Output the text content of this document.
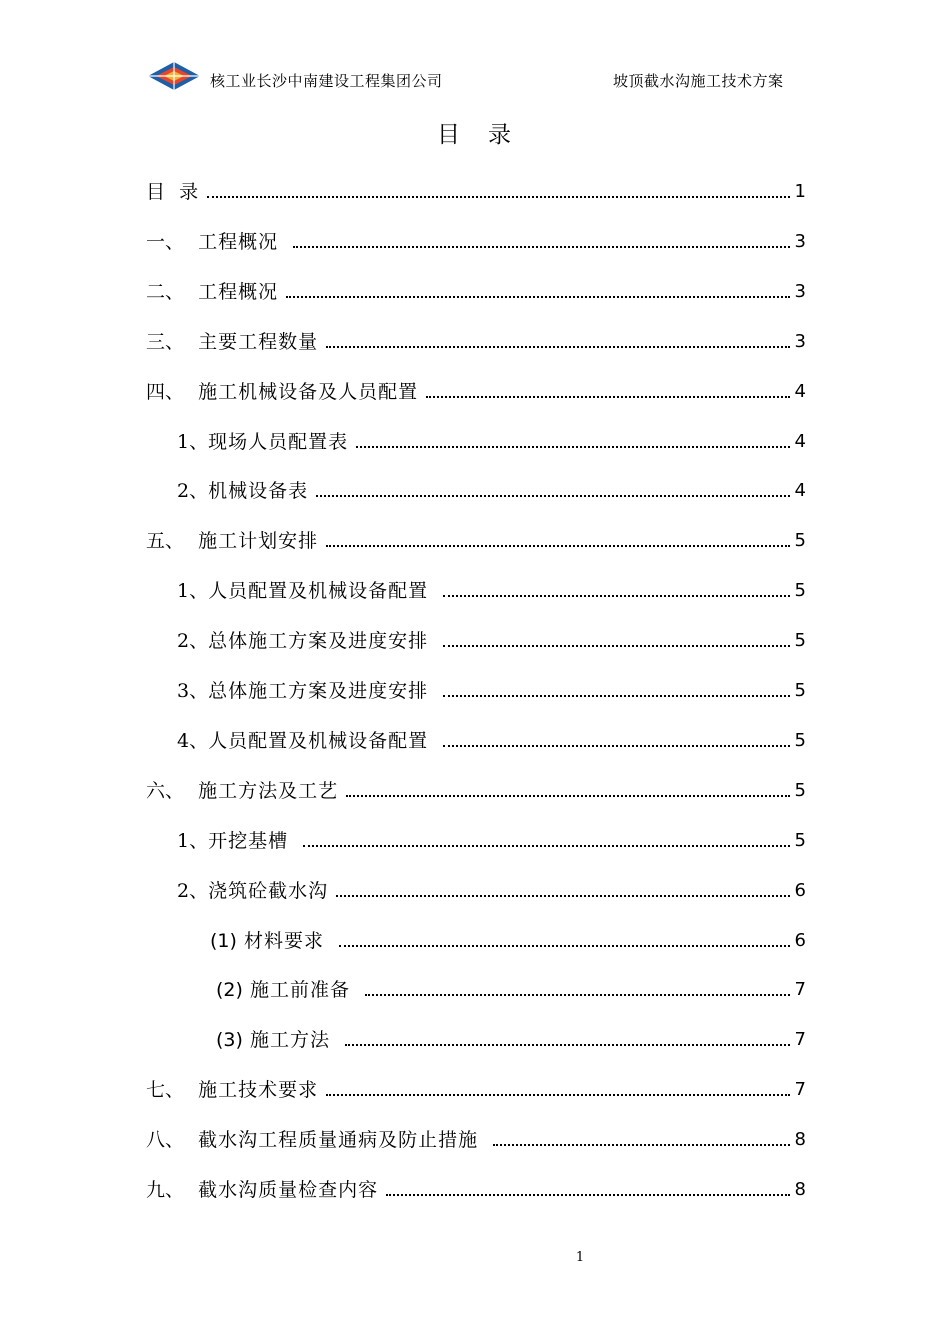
核工业长沙中南建设工程集团公司	坡顶截水沟施工技术方案
目 录
目 录	1
一、 工程概况	3
二、 工程概况	3
三、 主要工程数量	3
四、 施工机械设备及人员配置	4
1、 现场人员配置表	4
2、 机械设备表	4
五、 施工计划安排	5
1、 人员配置及机械设备配置	5
2、 总体施工方案及进度安排	5
3、 总体施工方案及进度安排	5
4、 人员配置及机械设备配置	5
六、 施工方法及工艺	5
1、 开挖基槽	5
2、 浇筑砼截水沟	6
(1) 材料要求	6
(2) 施工前准备	7
(3) 施工方法	7
七、 施工技术要求	7
八、 截水沟工程质量通病及防止措施	8
九、 截水沟质量检查内容	8
1
